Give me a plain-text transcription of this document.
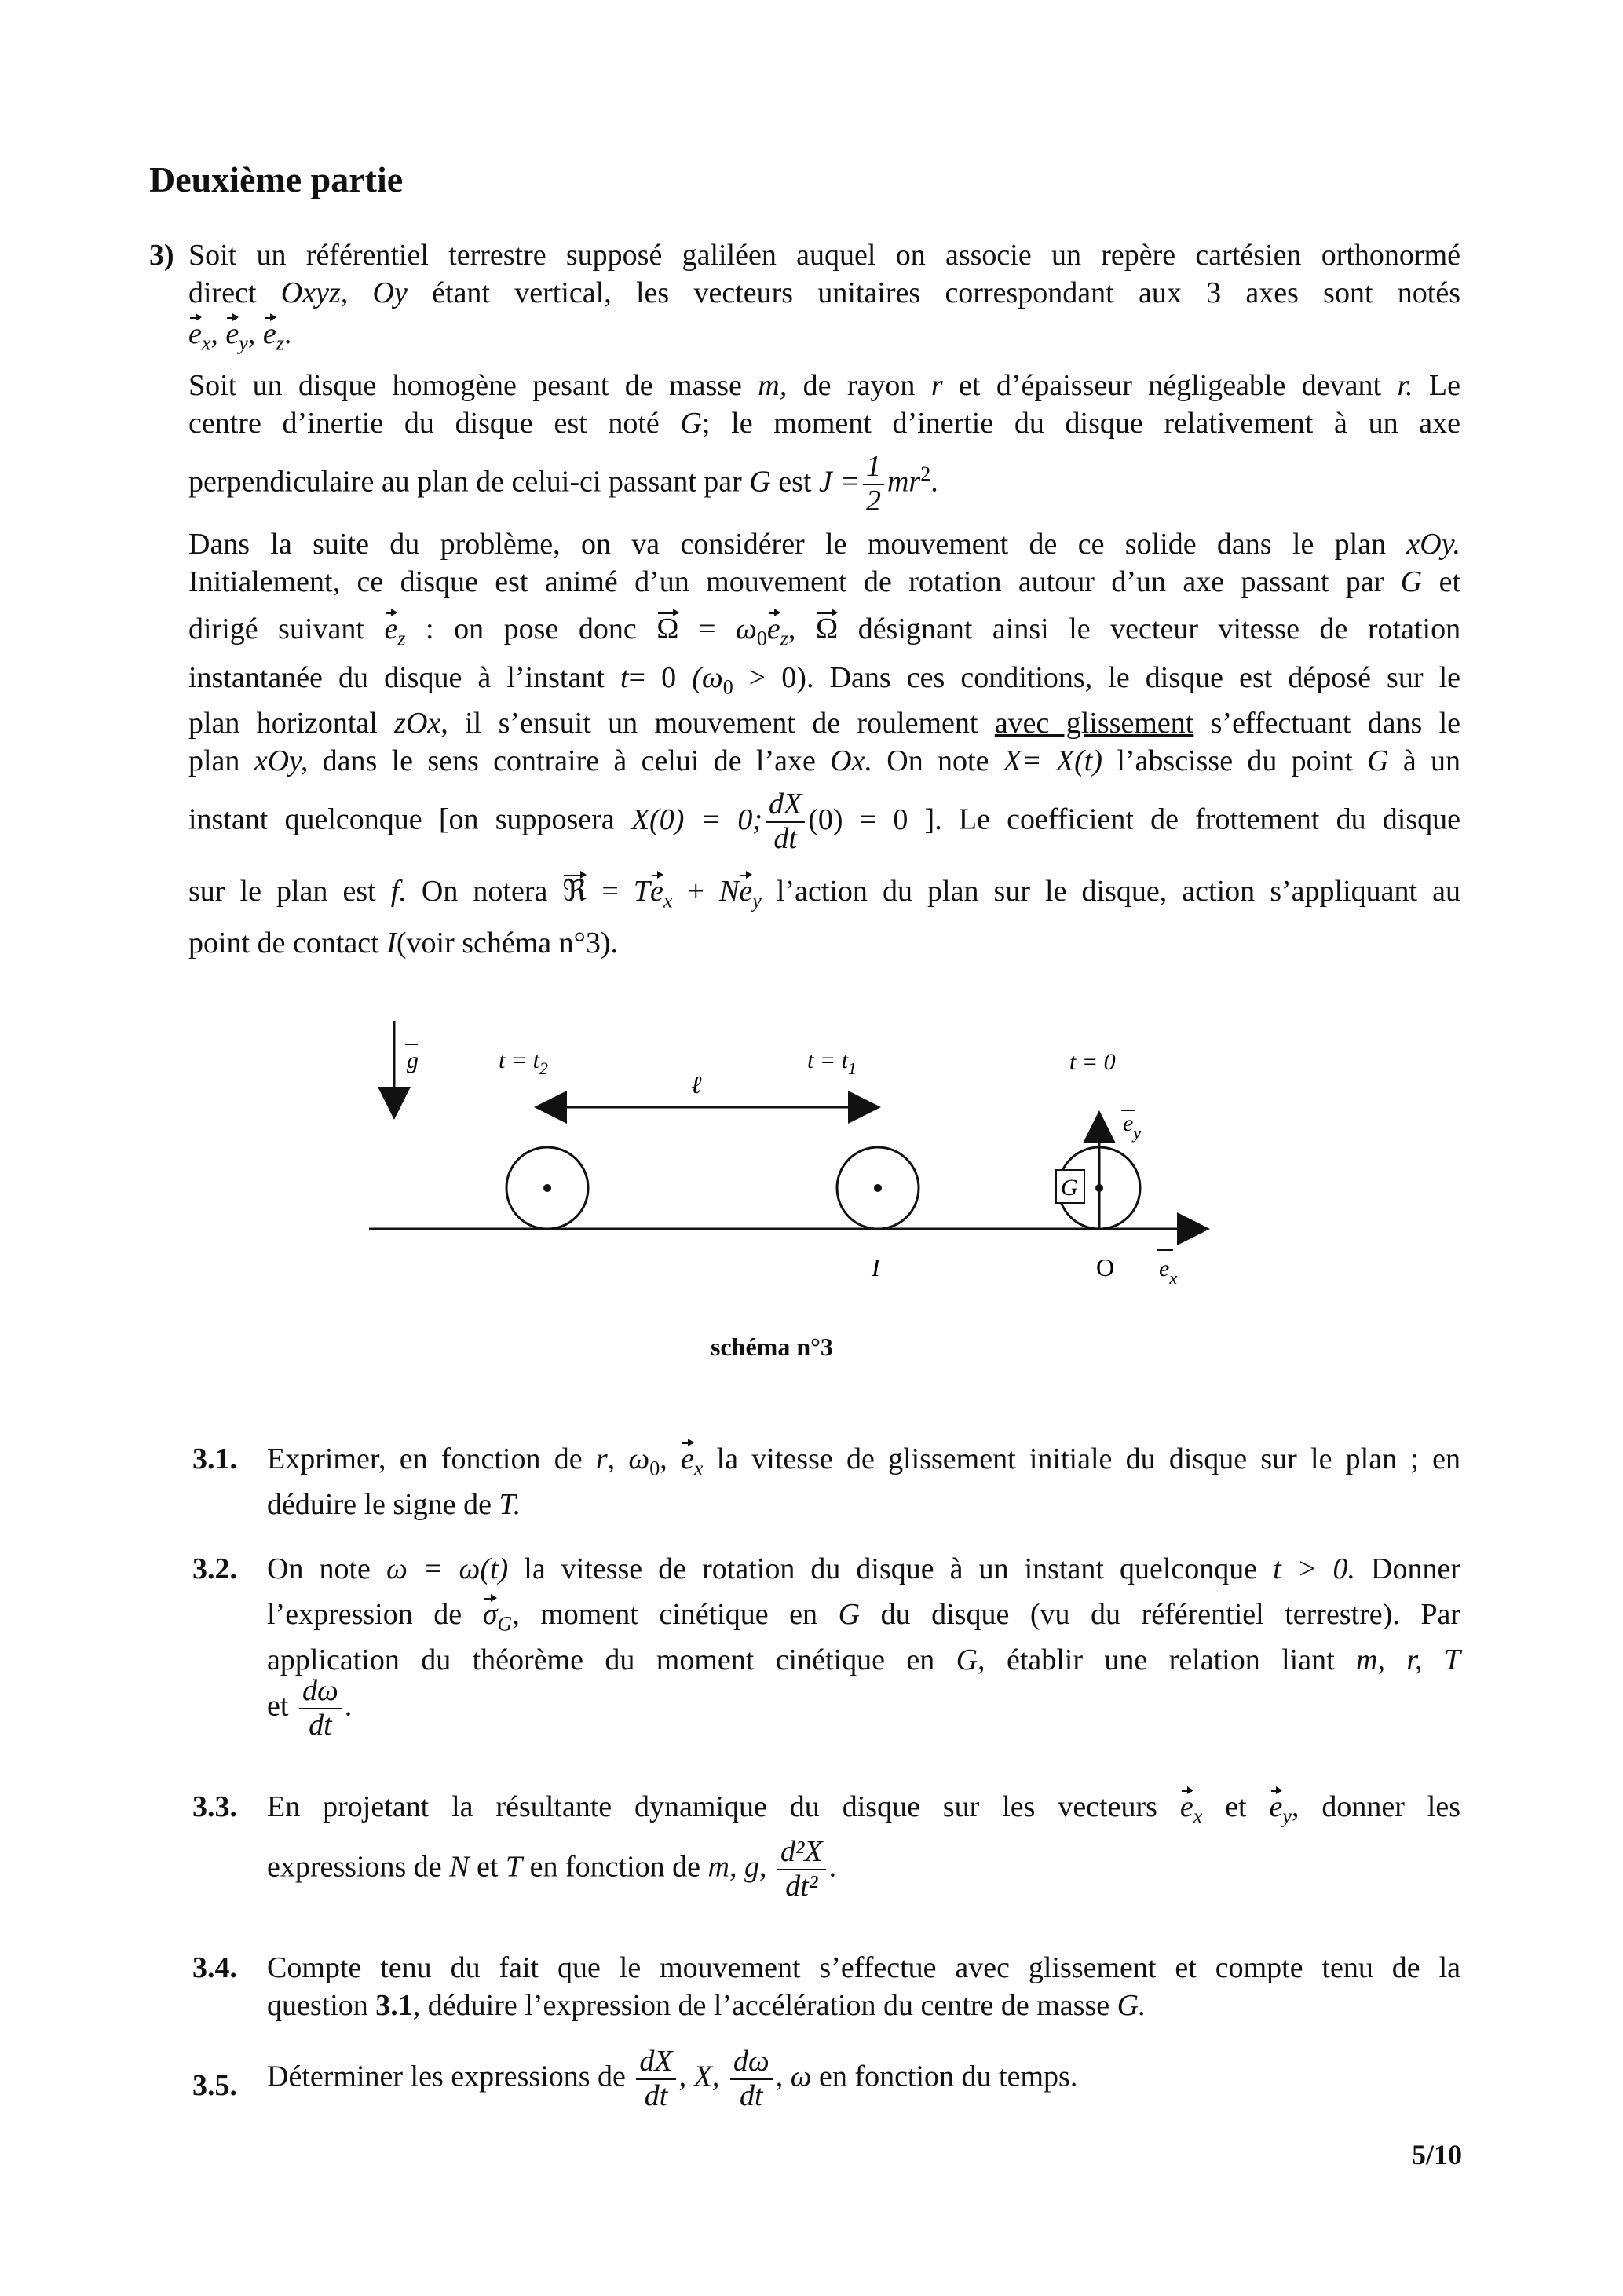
Deuxième partie
3) Soit un référentiel terrestre supposé galiléen auquel on associe un repère cartésien orthonormé
direct Oxyz, Oy étant vertical, les vecteurs unitaires correspondant aux 3 axes sont notés
$e_x$, $e_y$, $e_z$.
Soit un disque homogène pesant de masse m, de rayon r et d’épaisseur négligeable devant r. Le
centre d’inertie du disque est noté G; le moment d’inertie du disque relativement à un axe
perpendiculaire au plan de celui-ci passant par G est $J = \frac{1}{2} mr^2$.
Dans la suite du problème, on va considérer le mouvement de ce solide dans le plan xOy.
Initialement, ce disque est animé d’un mouvement de rotation autour d’un axe passant par G et
dirigé suivant $e_z$ : on pose donc $\Omega = \omega_0e_z$, Ω désignant ainsi le vecteur vitesse de rotation
instantanée du disque à l’instant t= 0 $(\omega_0 > 0)$. Dans ces conditions, le disque est déposé sur le
plan horizontal zOx, il s’ensuit un mouvement de roulement avec glissement s’effectuant dans le
plan xOy, dans le sens contraire à celui de l’axe Ox. On note X= X(t) l’abscisse du point G à un
instant quelconque [on supposera X(0) = 0; $\frac{dX}{dt} (0) = 0$ ]. Le coefficient de frottement du disque
sur le plan est f. On notera ℜ = $Te_x + Ne_y$ l’action du plan sur le disque, action s’appliquant au
point de contact I(voir schéma n°3).
g	$t = t_2$
ℓ
$t = t_1$	t = 0
$e_y$
G
I	O $e_x$
schéma n°3
3.1. Exprimer, en fonction de r, $\omega_0$, $e_x$ la vitesse de glissement initiale du disque sur le plan ; en
déduire le signe de T.
3.2. On note ω = ω(t) la vitesse de rotation du disque à un instant quelconque t > 0. Donner
l’expression de $\sigma_G$, moment cinétique en G du disque (vu du référentiel terrestre). Par
application du théorème du moment cinétique en G, établir une relation liant m, r, T
et $\frac{d\omega}{dt}$ .
3.3. En projetant la résultante dynamique du disque sur les vecteurs $e_x$ et $e_y$, donner les
expressions de N et T en fonction de m, g, $\frac{\text{d²X}}{\text{dt²}}$ .
3.4. Compte tenu du fait que le mouvement s’effectue avec glissement et compte tenu de la
question 3.1, déduire l’expression de l’accélération du centre de masse G.
3.5. Déterminer les expressions de $\frac{dX}{dt}$ , X, $\frac{d\omega}{dt}$ , ω en fonction du temps.
5/10
